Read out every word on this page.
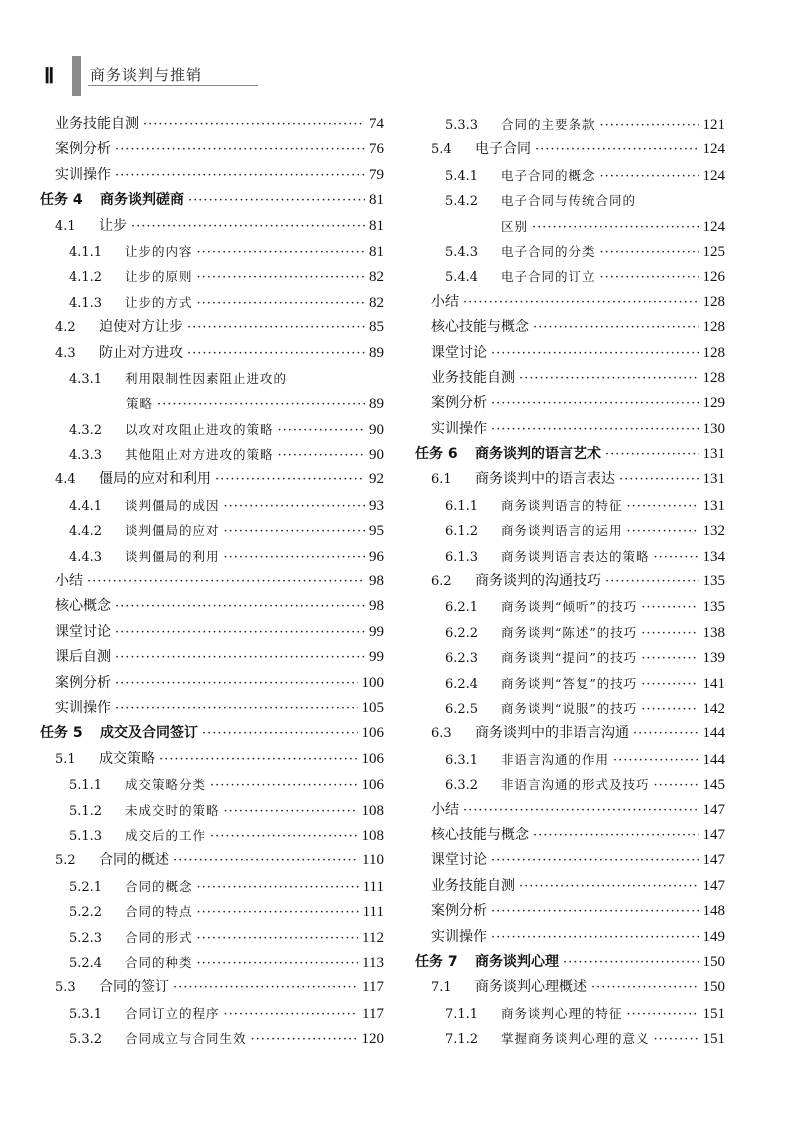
Ⅱ 商务谈判与推销
业务技能自测 ·····	74
案例分析 ·····	76
实训操作 ·····	79
任务 4	商务谈判磋商 ·····	81
4.1	让步 ·····	81
4.1.1	让步的内容 ·····	81
4.1.2	让步的原则 ·····	82
4.1.3	让步的方式 ·····	82
4.2	迫使对方让步 ·····	85
4.3	防止对方进攻 ·····	89
4.3.1	利用限制性因素阻止进攻的
策略 ·····	89
4.3.2	以攻对攻阻止进攻的策略 ·····	90
4.3.3	其他阻止对方进攻的策略 ·····	90
4.4	僵局的应对和利用 ·····	92
4.4.1	谈判僵局的成因 ·····	93
4.4.2	谈判僵局的应对 ·····	95
4.4.3	谈判僵局的利用 ·····	96
小结 ·····	98
核心概念 ·····	98
课堂讨论 ·····	99
课后自测 ·····	99
案例分析 ·····	100
实训操作 ·····	105
任务 5	成交及合同签订 ·····	106
5.1	成交策略 ·····	106
5.1.1	成交策略分类 ·····	106
5.1.2	未成交时的策略 ·····	108
5.1.3	成交后的工作 ·····	108
5.2	合同的概述 ·····	110
5.2.1	合同的概念 ·····	111
5.2.2	合同的特点 ·····	111
5.2.3	合同的形式 ·····	112
5.2.4	合同的种类 ·····	113
5.3	合同的签订 ·····	117
5.3.1	合同订立的程序 ·····	117
5.3.2	合同成立与合同生效 ·····	120
5.3.3	合同的主要条款 ·····	121
5.4	电子合同 ·····	124
5.4.1	电子合同的概念 ·····	124
5.4.2	电子合同与传统合同的
区别 ·····	124
5.4.3	电子合同的分类 ·····	125
5.4.4	电子合同的订立 ·····	126
小结 ·····	128
核心技能与概念 ·····	128
课堂讨论 ·····	128
业务技能自测 ·····	128
案例分析 ·····	129
实训操作 ·····	130
任务 6	商务谈判的语言艺术 ·····	131
6.1	商务谈判中的语言表达 ·····	131
6.1.1	商务谈判语言的特征 ·····	131
6.1.2	商务谈判语言的运用 ·····	132
6.1.3	商务谈判语言表达的策略 ·····	134
6.2	商务谈判的沟通技巧 ·····	135
6.2.1	商务谈判“倾听”的技巧 ·····	135
6.2.2	商务谈判“陈述”的技巧 ·····	138
6.2.3	商务谈判“提问”的技巧 ·····	139
6.2.4	商务谈判“答复”的技巧 ·····	141
6.2.5	商务谈判“说服”的技巧 ·····	142
6.3	商务谈判中的非语言沟通 ·····	144
6.3.1	非语言沟通的作用 ·····	144
6.3.2	非语言沟通的形式及技巧 ·····	145
小结 ·····	147
核心技能与概念 ·····	147
课堂讨论 ·····	147
业务技能自测 ·····	147
案例分析 ·····	148
实训操作 ·····	149
任务 7	商务谈判心理 ·····	150
7.1	商务谈判心理概述 ·····	150
7.1.1	商务谈判心理的特征 ·····	151
7.1.2	掌握商务谈判心理的意义 ·····	151
